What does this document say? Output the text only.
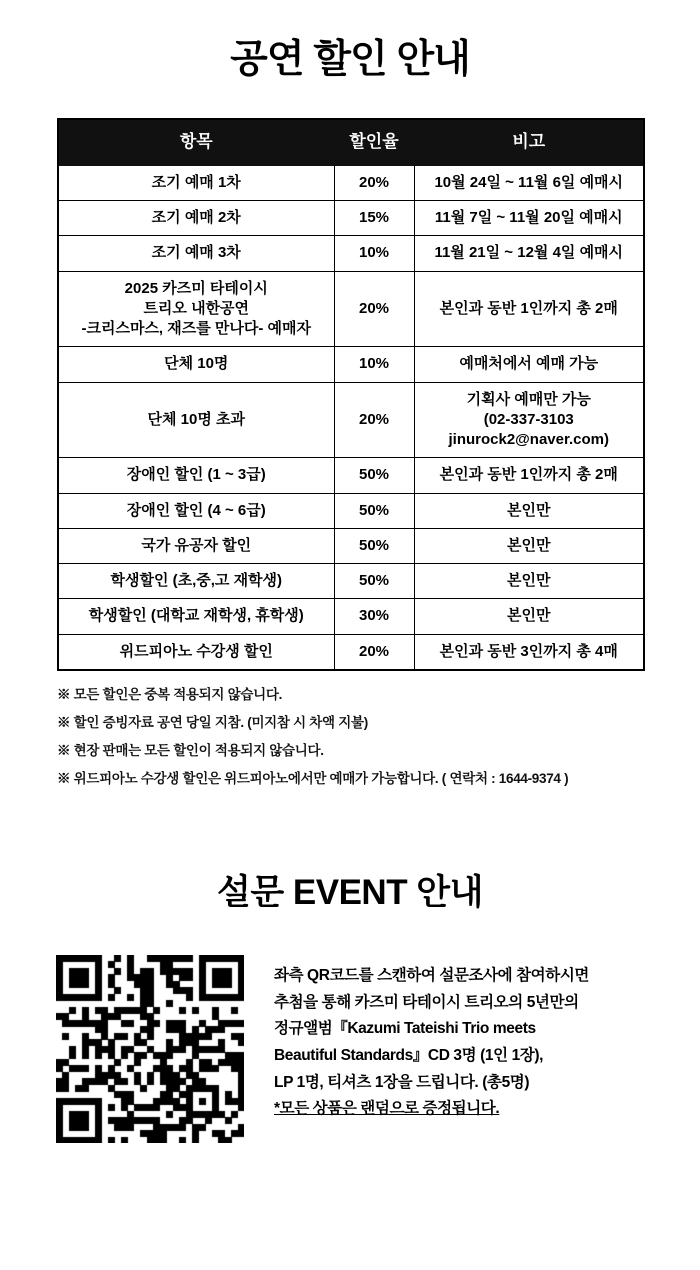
공연 할인 안내
항목	할인율	비고
조기 예매 1차	20%	10월 24일 ~ 11월 6일 예매시
조기 예매 2차	15%	11월 7일 ~ 11월 20일 예매시
조기 예매 3차	10%	11월 21일 ~ 12월 4일 예매시
2025 카즈미 타테이시
트리오 내한공연
-크리스마스, 재즈를 만나다- 예매자	20%	본인과 동반 1인까지 총 2매
단체 10명	10%	예매처에서 예매 가능
단체 10명 초과	20%	기획사 예매만 가능
(02-337-3103
jinurock2@naver.com)
장애인 할인 (1 ~ 3급)	50%	본인과 동반 1인까지 총 2매
장애인 할인 (4 ~ 6급)	50%	본인만
국가 유공자 할인	50%	본인만
학생할인 (초,중,고 재학생)	50%	본인만
학생할인 (대학교 재학생, 휴학생)	30%	본인만
위드피아노 수강생 할인	20%	본인과 동반 3인까지 총 4매
※ 모든 할인은 중복 적용되지 않습니다.
※ 할인 증빙자료 공연 당일 지참. (미지참 시 차액 지불)
※ 현장 판매는 모든 할인이 적용되지 않습니다.
※ 위드피아노 수강생 할인은 위드피아노에서만 예매가 가능합니다. ( 연락처 : 1644-9374 )
설문 EVENT 안내
좌측 QR코드를 스캔하여 설문조사에 참여하시면
추첨을 통해 카즈미 타테이시 트리오의 5년만의
정규앨범『Kazumi Tateishi Trio meets
Beautiful Standards』CD 3명 (1인 1장),
LP 1명, 티셔츠 1장을 드립니다. (총5명)
*모든 상품은 랜덤으로 증정됩니다.
